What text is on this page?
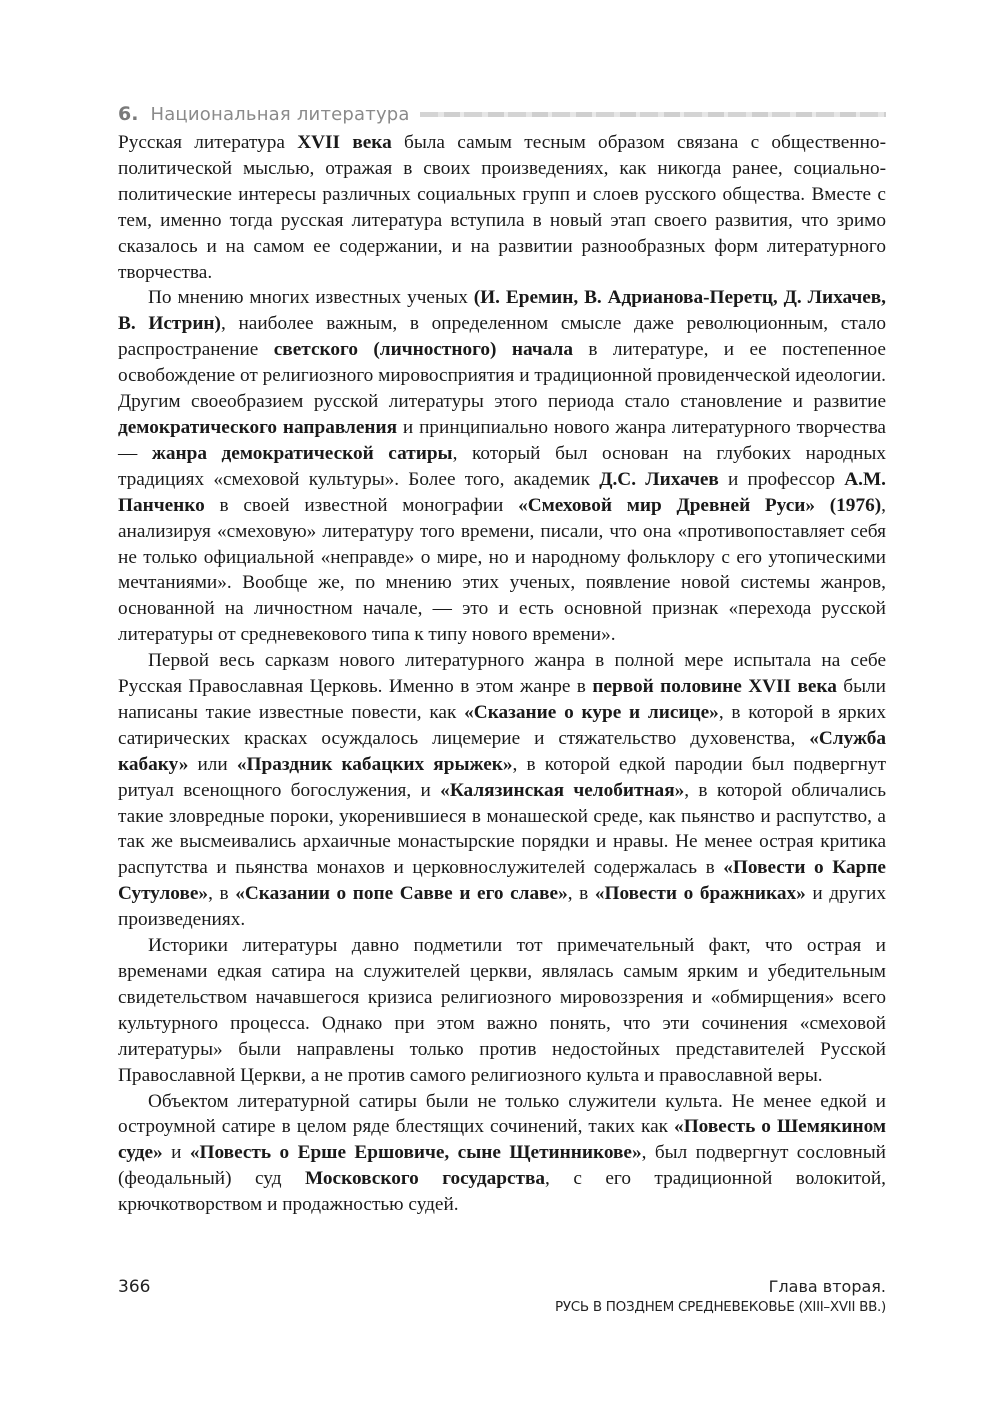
6. Национальная литература

Русская литература XVII века была самым тесным образом связана с общественно-политической мыслью, отражая в своих произведениях, как никогда ранее, социально-политические интересы различных социальных групп и слоев русского общества. Вместе с тем, именно тогда русская литература вступила в новый этап своего развития, что зримо сказалось и на самом ее содержании, и на развитии разнообразных форм литературного творчества.

По мнению многих известных ученых (И. Еремин, В. Адрианова-Перетц, Д. Лихачев, В. Истрин), наиболее важным, в определенном смысле даже революционным, стало распространение светского (личностного) начала в литературе, и ее постепенное освобождение от религиозного мировосприятия и традиционной провиденческой идеологии. Другим своеобразием русской литературы этого периода стало становление и развитие демократического направления и принципиально нового жанра литературного творчества — жанра демократической сатиры, который был основан на глубоких народных традициях «смеховой культуры». Более того, академик Д.С. Лихачев и профессор А.М. Панченко в своей известной монографии «Смеховой мир Древней Руси» (1976), анализируя «смеховую» литературу того времени, писали, что она «противопоставляет себя не только официальной «неправде» о мире, но и народному фольклору с его утопическими мечтаниями». Вообще же, по мнению этих ученых, появление новой системы жанров, основанной на личностном начале, — это и есть основной признак «перехода русской литературы от средневекового типа к типу нового времени».

Первой весь сарказм нового литературного жанра в полной мере испытала на себе Русская Православная Церковь. Именно в этом жанре в первой половине XVII века были написаны такие известные повести, как «Сказание о куре и лисице», в которой в ярких сатирических красках осуждалось лицемерие и стяжательство духовенства, «Служба кабаку» или «Праздник кабацких ярыжек», в которой едкой пародии был подвергнут ритуал всенощного богослужения, и «Калязинская челобитная», в которой обличались такие зловредные пороки, укоренившиеся в монашеской среде, как пьянство и распутство, а так же высмеивались архаичные монастырские порядки и нравы. Не менее острая критика распутства и пьянства монахов и церковнослужителей содержалась в «Повести о Карпе Сутулове», в «Сказании о попе Савве и его славе», в «Повести о бражниках» и других произведениях.

Историки литературы давно подметили тот примечательный факт, что острая и временами едкая сатира на служителей церкви, являлась самым ярким и убедительным свидетельством начавшегося кризиса религиозного мировоззрения и «обмирщения» всего культурного процесса. Однако при этом важно понять, что эти сочинения «смеховой литературы» были направлены только против недостойных представителей Русской Православной Церкви, а не против самого религиозного культа и православной веры.

Объектом литературной сатиры были не только служители культа. Не менее едкой и остроумной сатире в целом ряде блестящих сочинений, таких как «Повесть о Шемякином суде» и «Повесть о Ерше Ершовиче, сыне Щетинникове», был подвергнут сословный (феодальный) суд Московского государства, с его традиционной волокитой, крючкотворством и продажностью судей.

366	Глава вторая.
РУСЬ В ПОЗДНЕМ СРЕДНЕВЕКОВЬЕ (XIII–XVII ВВ.)
